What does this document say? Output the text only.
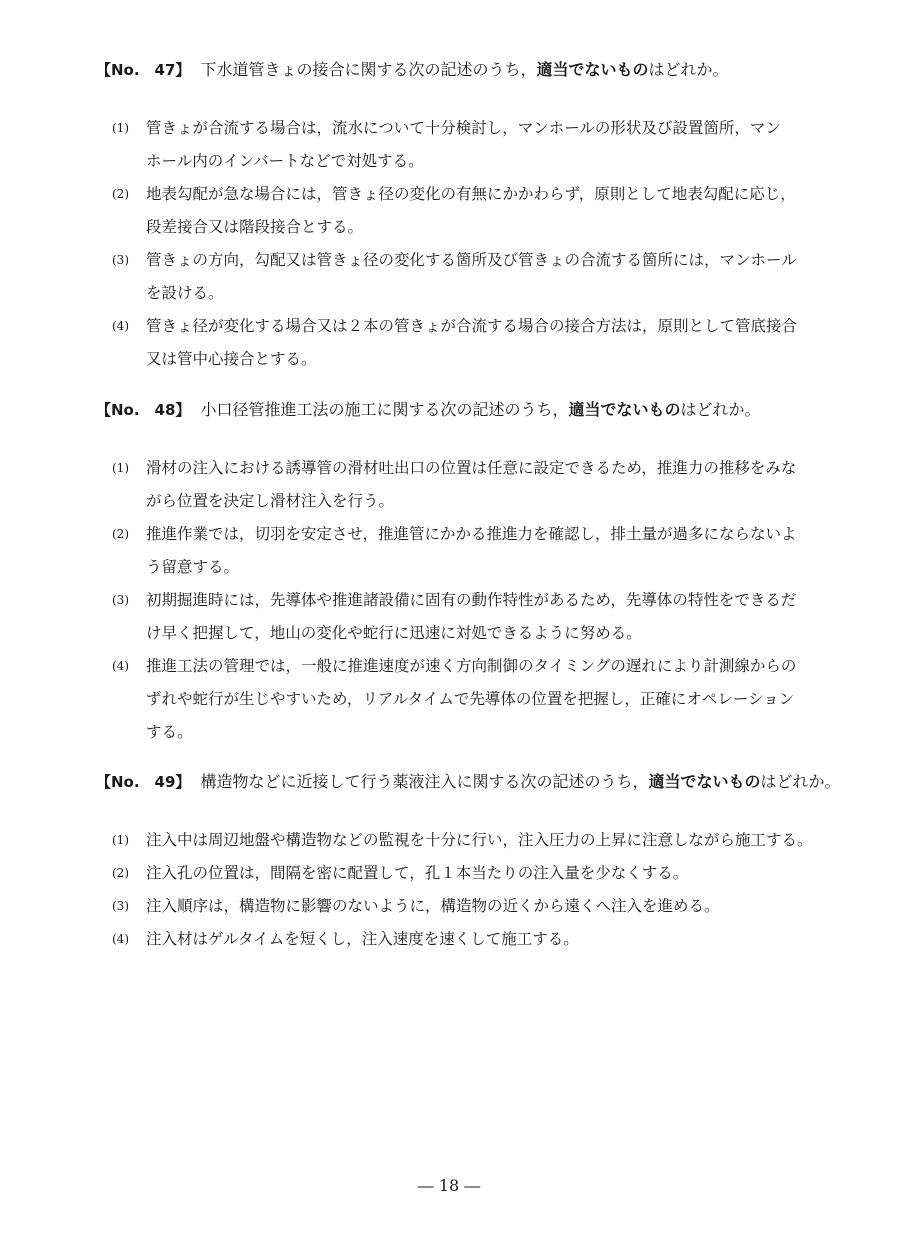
【No.　47】 下水道管きょの接合に関する次の記述のうち，適当でないものはどれか。
(1) 管きょが合流する場合は，流水について十分検討し，マンホールの形状及び設置箇所，マン
ホール内のインバートなどで対処する。
(2) 地表勾配が急な場合には，管きょ径の変化の有無にかかわらず，原則として地表勾配に応じ，
段差接合又は階段接合とする。
(3) 管きょの方向，勾配又は管きょ径の変化する箇所及び管きょの合流する箇所には，マンホール
を設ける。
(4) 管きょ径が変化する場合又は２本の管きょが合流する場合の接合方法は，原則として管底接合
又は管中心接合とする。
【No.　48】 小口径管推進工法の施工に関する次の記述のうち，適当でないものはどれか。
(1) 滑材の注入における誘導管の滑材吐出口の位置は任意に設定できるため，推進力の推移をみな
がら位置を決定し滑材注入を行う。
(2) 推進作業では，切羽を安定させ，推進管にかかる推進力を確認し，排土量が過多にならないよ
う留意する。
(3) 初期掘進時には，先導体や推進諸設備に固有の動作特性があるため，先導体の特性をできるだ
け早く把握して，地山の変化や蛇行に迅速に対処できるように努める。
(4) 推進工法の管理では，一般に推進速度が速く方向制御のタイミングの遅れにより計測線からの
ずれや蛇行が生じやすいため，リアルタイムで先導体の位置を把握し，正確にオペレーション
する。
【No.　49】 構造物などに近接して行う薬液注入に関する次の記述のうち，適当でないものはどれか。
(1) 注入中は周辺地盤や構造物などの監視を十分に行い，注入圧力の上昇に注意しながら施工する。
(2) 注入孔の位置は，間隔を密に配置して，孔１本当たりの注入量を少なくする。
(3) 注入順序は，構造物に影響のないように，構造物の近くから遠くへ注入を進める。
(4) 注入材はゲルタイムを短くし，注入速度を速くして施工する。
― 18 ―
